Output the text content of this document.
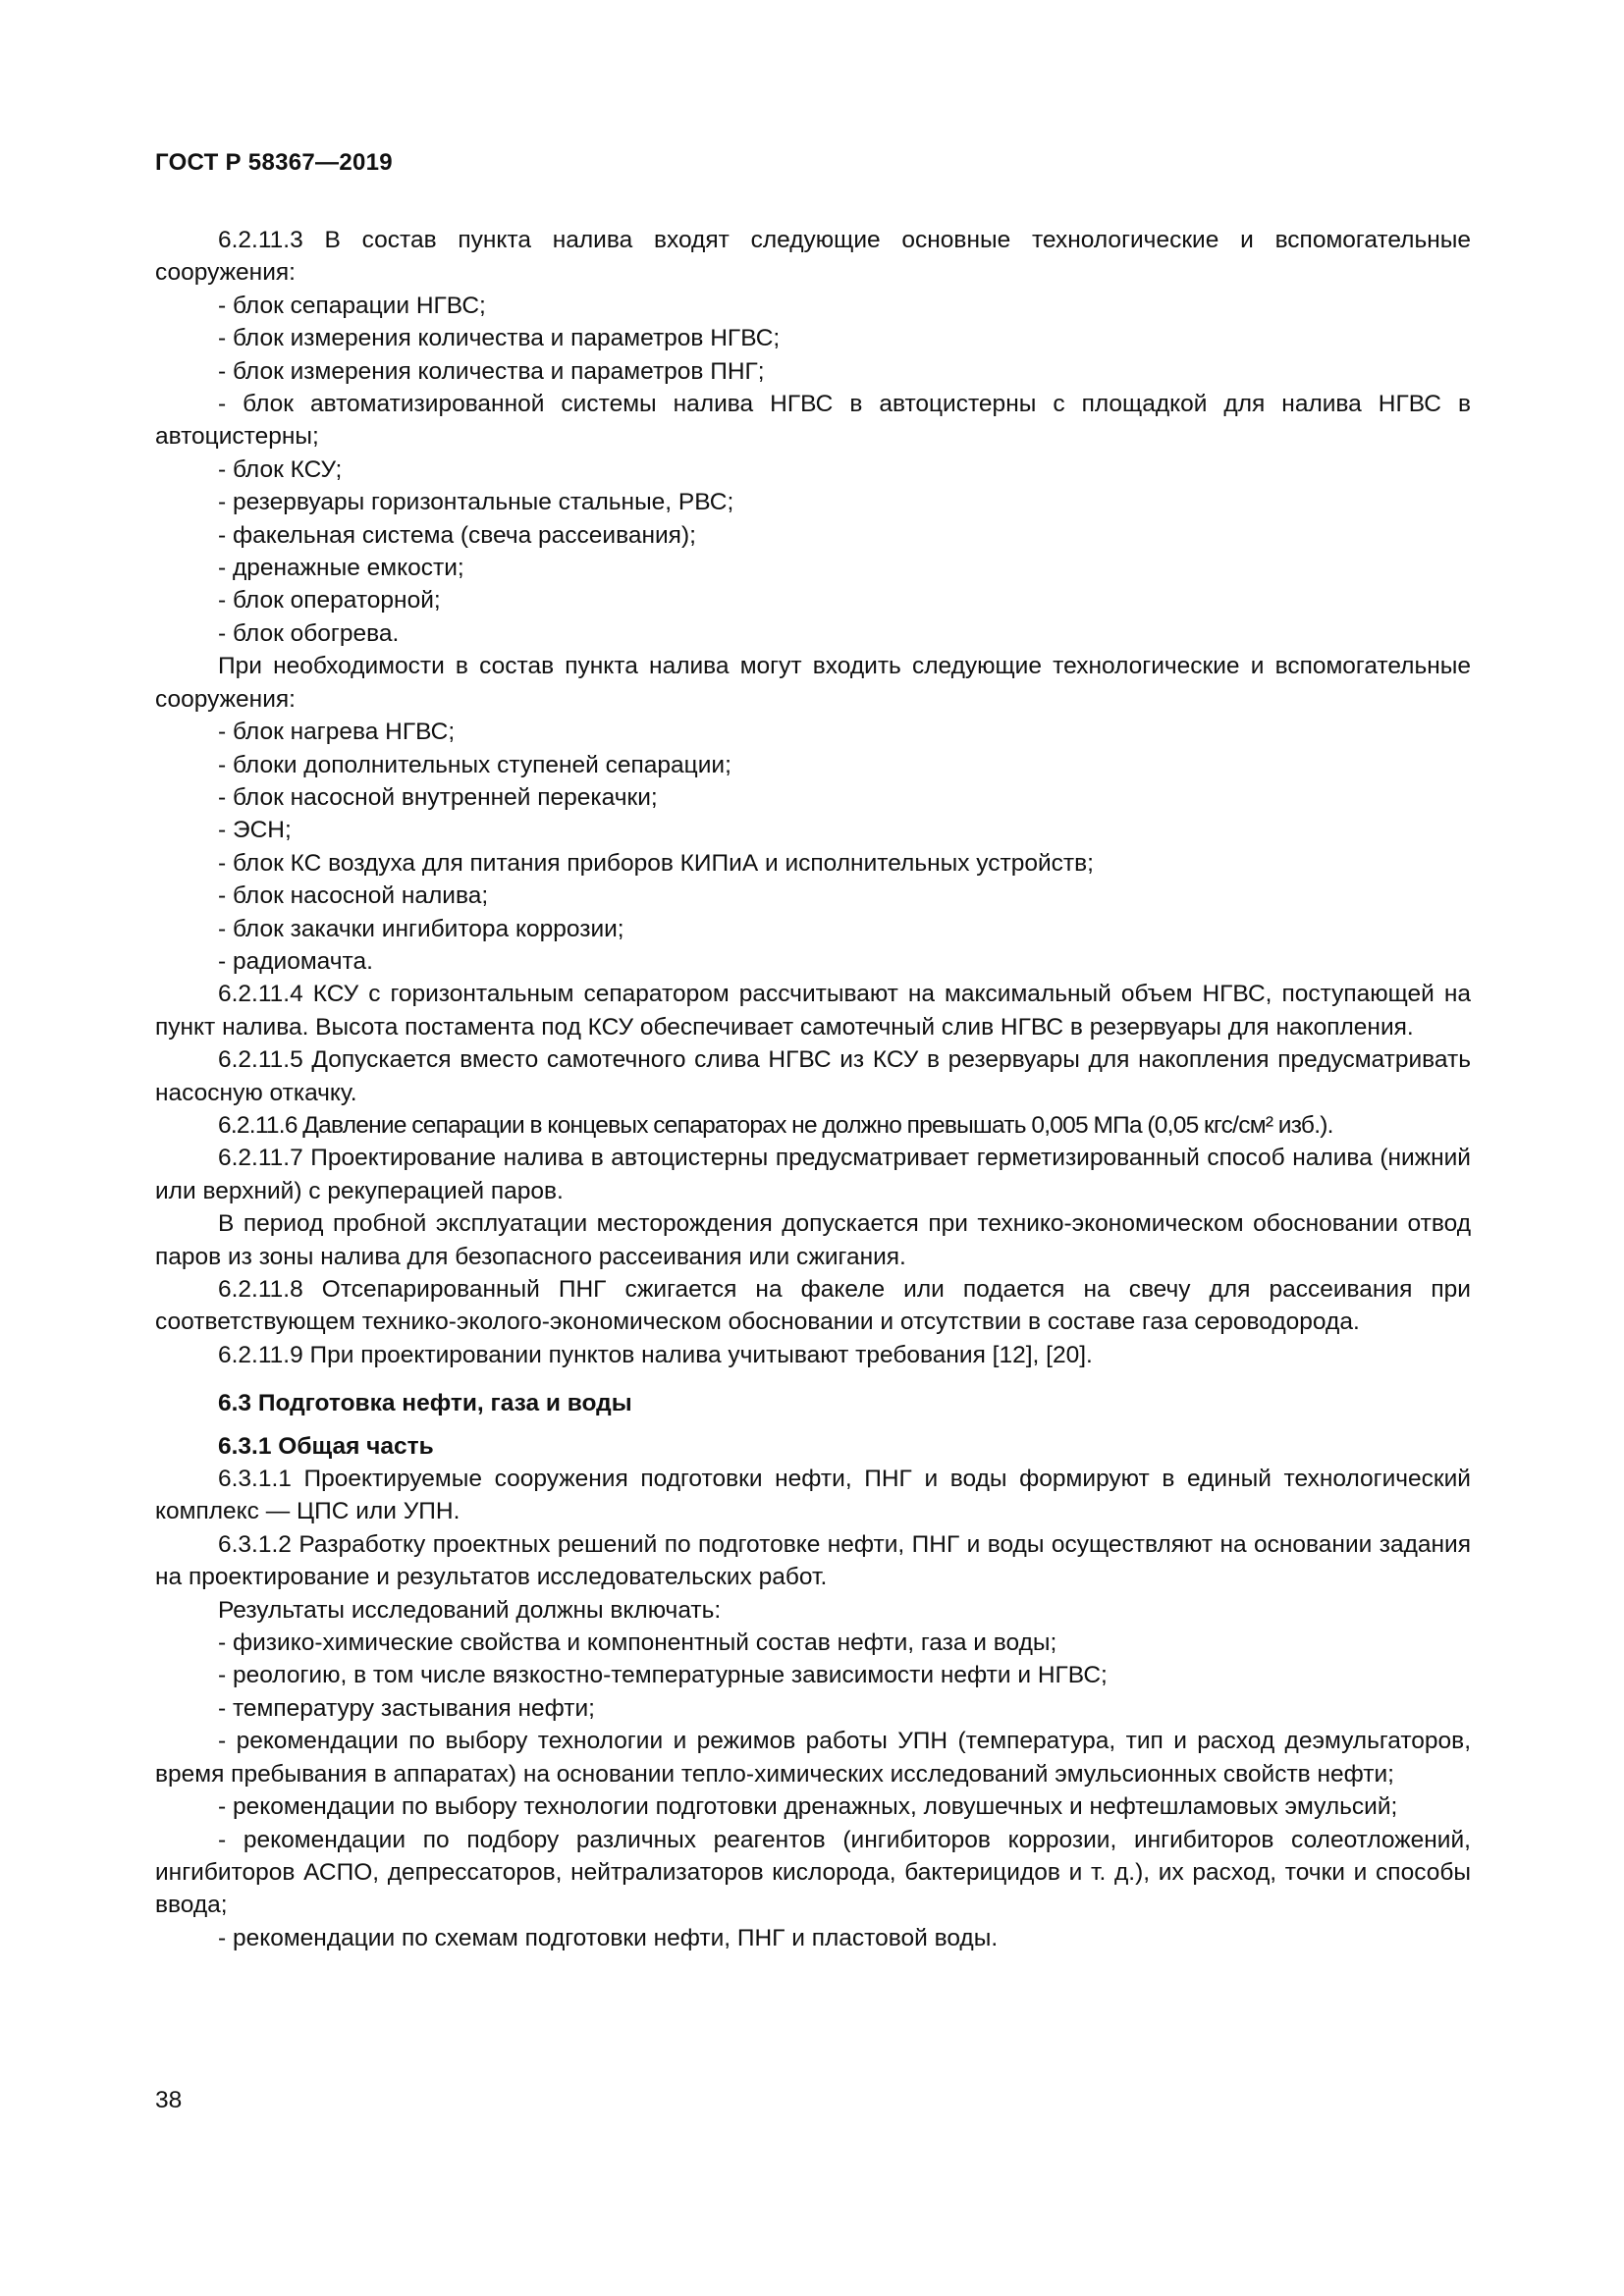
ГОСТ Р 58367—2019

6.2.11.3 В состав пункта налива входят следующие основные технологические и вспомогательные сооружения:

- блок сепарации НГВС;

- блок измерения количества и параметров НГВС;

- блок измерения количества и параметров ПНГ;

- блок автоматизированной системы налива НГВС в автоцистерны с площадкой для налива НГВС в автоцистерны;

- блок КСУ;

- резервуары горизонтальные стальные, РВС;

- факельная система (свеча рассеивания);

- дренажные емкости;

- блок операторной;

- блок обогрева.

При необходимости в состав пункта налива могут входить следующие технологические и вспомогательные сооружения:

- блок нагрева НГВС;

- блоки дополнительных ступеней сепарации;

- блок насосной внутренней перекачки;

- ЭСН;

- блок КС воздуха для питания приборов КИПиА и исполнительных устройств;

- блок насосной налива;

- блок закачки ингибитора коррозии;

- радиомачта.

6.2.11.4 КСУ с горизонтальным сепаратором рассчитывают на максимальный объем НГВС, поступающей на пункт налива. Высота постамента под КСУ обеспечивает самотечный слив НГВС в резервуары для накопления.

6.2.11.5 Допускается вместо самотечного слива НГВС из КСУ в резервуары для накопления предусматривать насосную откачку.

6.2.11.6 Давление сепарации в концевых сепараторах не должно превышать 0,005 МПа (0,05 кгс/см² изб.).

6.2.11.7 Проектирование налива в автоцистерны предусматривает герметизированный способ налива (нижний или верхний) с рекуперацией паров.

В период пробной эксплуатации месторождения допускается при технико-экономическом обосновании отвод паров из зоны налива для безопасного рассеивания или сжигания.

6.2.11.8 Отсепарированный ПНГ сжигается на факеле или подается на свечу для рассеивания при соответствующем технико-эколого-экономическом обосновании и отсутствии в составе газа сероводорода.

6.2.11.9 При проектировании пунктов налива учитывают требования [12], [20].

6.3 Подготовка нефти, газа и воды

6.3.1 Общая часть

6.3.1.1 Проектируемые сооружения подготовки нефти, ПНГ и воды формируют в единый технологический комплекс — ЦПС или УПН.

6.3.1.2 Разработку проектных решений по подготовке нефти, ПНГ и воды осуществляют на основании задания на проектирование и результатов исследовательских работ.

Результаты исследований должны включать:

- физико-химические свойства и компонентный состав нефти, газа и воды;

- реологию, в том числе вязкостно-температурные зависимости нефти и НГВС;

- температуру застывания нефти;

- рекомендации по выбору технологии и режимов работы УПН (температура, тип и расход деэмульгаторов, время пребывания в аппаратах) на основании тепло-химических исследований эмульсионных свойств нефти;

- рекомендации по выбору технологии подготовки дренажных, ловушечных и нефтешламовых эмульсий;

- рекомендации по подбору различных реагентов (ингибиторов коррозии, ингибиторов солеотложений, ингибиторов АСПО, депрессаторов, нейтрализаторов кислорода, бактерицидов и т. д.), их расход, точки и способы ввода;

- рекомендации по схемам подготовки нефти, ПНГ и пластовой воды.

38
